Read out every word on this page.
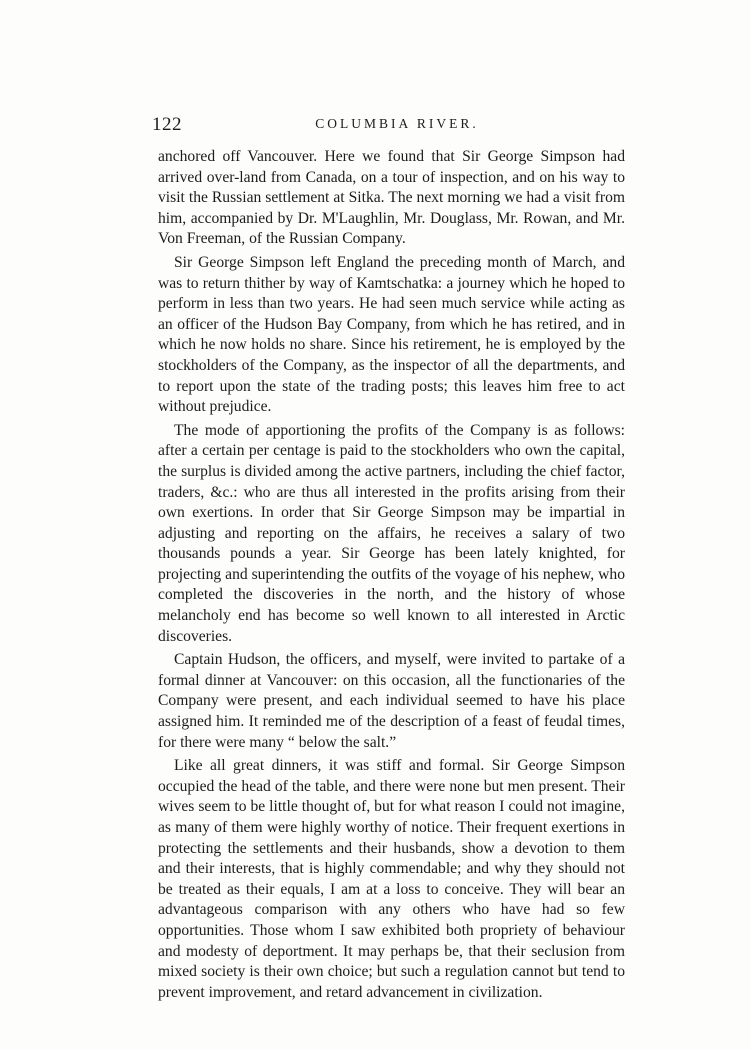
122	COLUMBIA RIVER.

anchored off Vancouver. Here we found that Sir George Simpson had arrived over-land from Canada, on a tour of inspection, and on his way to visit the Russian settlement at Sitka. The next morning we had a visit from him, accompanied by Dr. M'Laughlin, Mr. Douglass, Mr. Rowan, and Mr. Von Freeman, of the Russian Company.

Sir George Simpson left England the preceding month of March, and was to return thither by way of Kamtschatka: a journey which he hoped to perform in less than two years. He had seen much service while acting as an officer of the Hudson Bay Company, from which he has retired, and in which he now holds no share. Since his retirement, he is employed by the stockholders of the Company, as the inspector of all the departments, and to report upon the state of the trading posts; this leaves him free to act without prejudice.

The mode of apportioning the profits of the Company is as follows: after a certain per centage is paid to the stockholders who own the capital, the surplus is divided among the active partners, including the chief factor, traders, &c.: who are thus all interested in the profits arising from their own exertions. In order that Sir George Simpson may be impartial in adjusting and reporting on the affairs, he receives a salary of two thousands pounds a year. Sir George has been lately knighted, for projecting and superintending the outfits of the voyage of his nephew, who completed the discoveries in the north, and the history of whose melancholy end has become so well known to all interested in Arctic discoveries.

Captain Hudson, the officers, and myself, were invited to partake of a formal dinner at Vancouver: on this occasion, all the functionaries of the Company were present, and each individual seemed to have his place assigned him. It reminded me of the description of a feast of feudal times, for there were many “ below the salt.”

Like all great dinners, it was stiff and formal. Sir George Simpson occupied the head of the table, and there were none but men present. Their wives seem to be little thought of, but for what reason I could not imagine, as many of them were highly worthy of notice. Their frequent exertions in protecting the settlements and their husbands, show a devotion to them and their interests, that is highly commendable; and why they should not be treated as their equals, I am at a loss to conceive. They will bear an advantageous comparison with any others who have had so few opportunities. Those whom I saw exhibited both propriety of behaviour and modesty of deportment. It may perhaps be, that their seclusion from mixed society is their own choice; but such a regulation cannot but tend to prevent improvement, and retard advancement in civilization.
